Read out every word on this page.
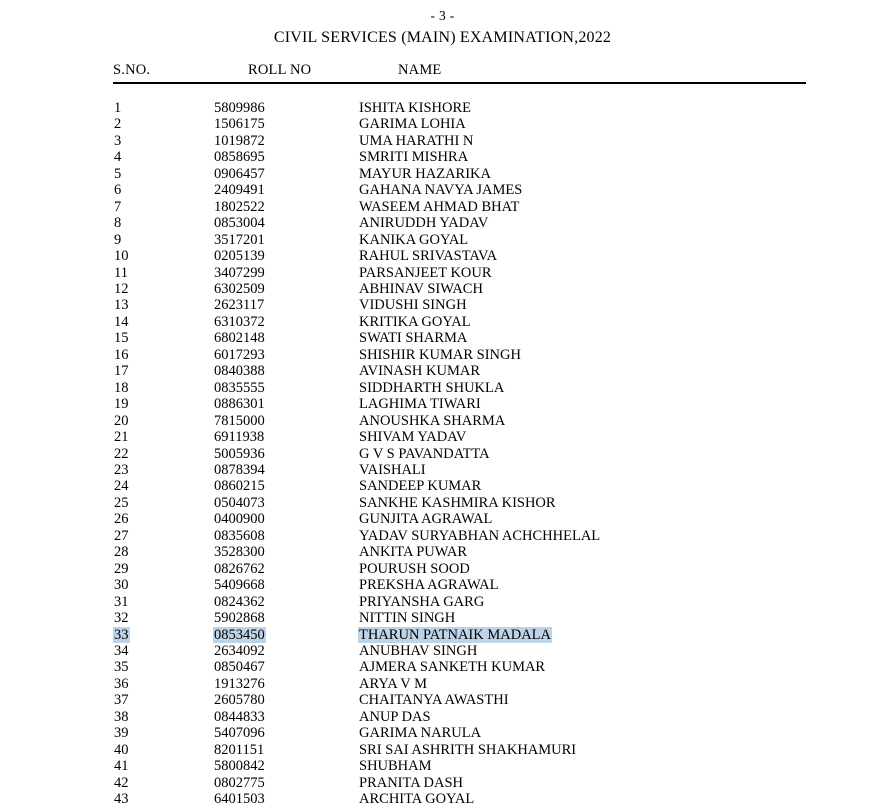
- 3 -
CIVIL SERVICES (MAIN) EXAMINATION,2022
S.NO.	ROLL NO	NAME
1	5809986	ISHITA KISHORE
2	1506175	GARIMA LOHIA
3	1019872	UMA HARATHI N
4	0858695	SMRITI MISHRA
5	0906457	MAYUR HAZARIKA
6	2409491	GAHANA NAVYA JAMES
7	1802522	WASEEM AHMAD BHAT
8	0853004	ANIRUDDH YADAV
9	3517201	KANIKA GOYAL
10	0205139	RAHUL SRIVASTAVA
11	3407299	PARSANJEET KOUR
12	6302509	ABHINAV SIWACH
13	2623117	VIDUSHI SINGH
14	6310372	KRITIKA GOYAL
15	6802148	SWATI SHARMA
16	6017293	SHISHIR KUMAR SINGH
17	0840388	AVINASH KUMAR
18	0835555	SIDDHARTH SHUKLA
19	0886301	LAGHIMA TIWARI
20	7815000	ANOUSHKA SHARMA
21	6911938	SHIVAM YADAV
22	5005936	G V S PAVANDATTA
23	0878394	VAISHALI
24	0860215	SANDEEP KUMAR
25	0504073	SANKHE KASHMIRA KISHOR
26	0400900	GUNJITA AGRAWAL
27	0835608	YADAV SURYABHAN ACHCHHELAL
28	3528300	ANKITA PUWAR
29	0826762	POURUSH SOOD
30	5409668	PREKSHA AGRAWAL
31	0824362	PRIYANSHA GARG
32	5902868	NITTIN SINGH
33	0853450	THARUN PATNAIK MADALA
34	2634092	ANUBHAV SINGH
35	0850467	AJMERA SANKETH KUMAR
36	1913276	ARYA V M
37	2605780	CHAITANYA AWASTHI
38	0844833	ANUP DAS
39	5407096	GARIMA NARULA
40	8201151	SRI SAI ASHRITH SHAKHAMURI
41	5800842	SHUBHAM
42	0802775	PRANITA DASH
43	6401503	ARCHITA GOYAL
